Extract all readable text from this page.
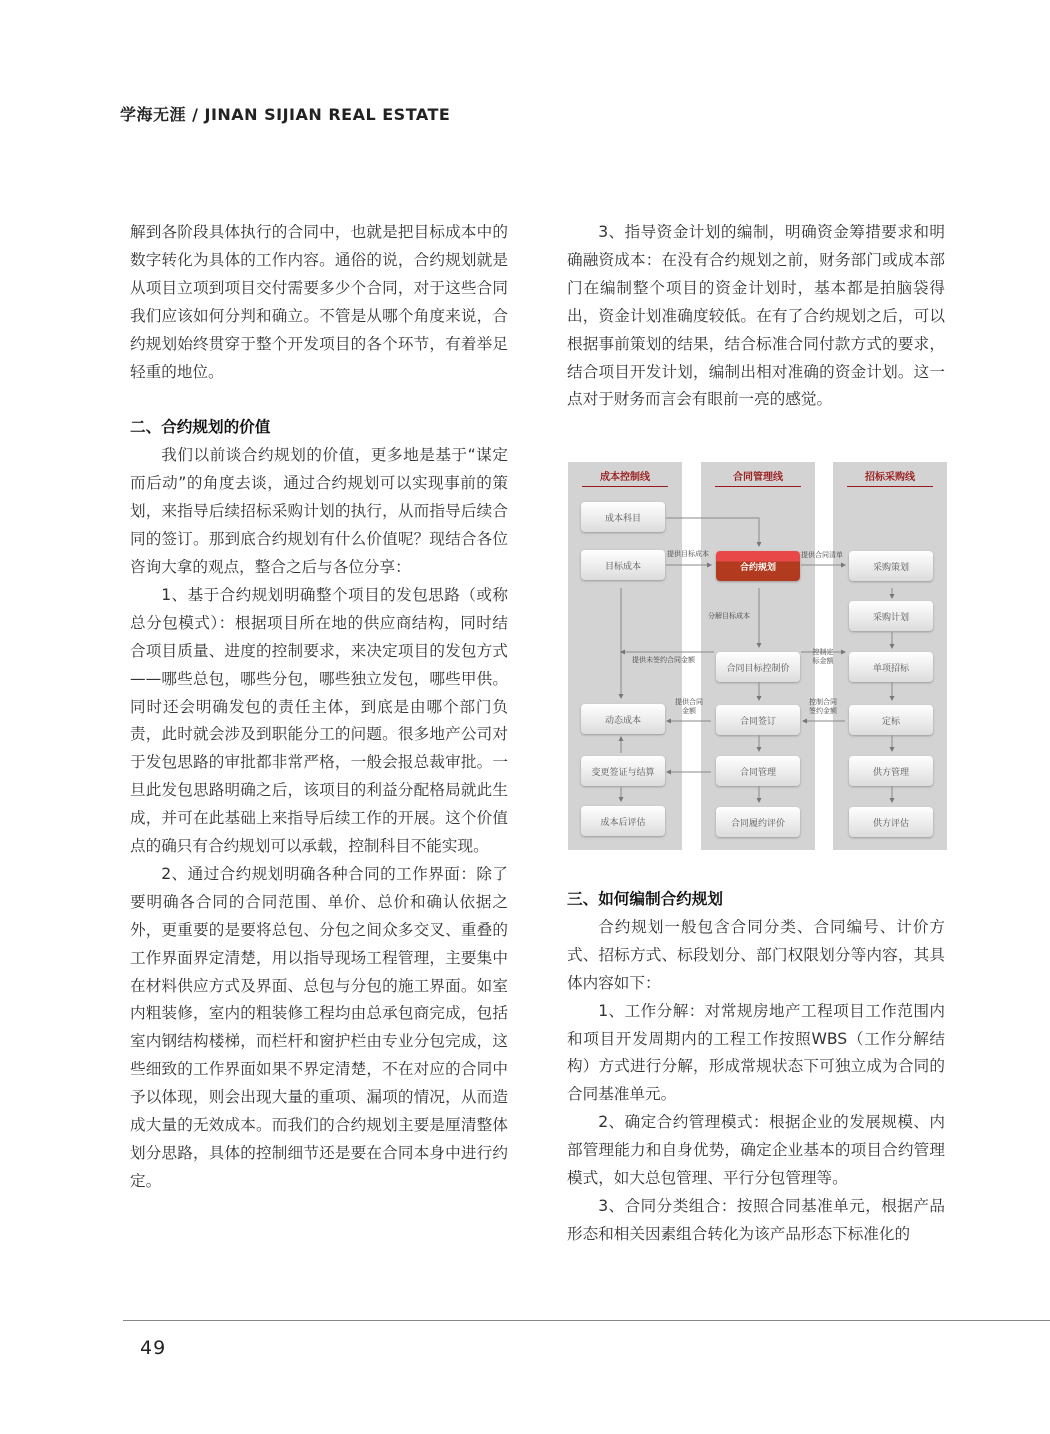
学海无涯 / JINAN SIJIAN REAL ESTATE

解到各阶段具体执行的合同中，也就是把目标成本中的数字转化为具体的工作内容。通俗的说，合约规划就是从项目立项到项目交付需要多少个合同，对于这些合同我们应该如何分判和确立。不管是从哪个角度来说，合约规划始终贯穿于整个开发项目的各个环节，有着举足轻重的地位。

二、合约规划的价值

我们以前谈合约规划的价值，更多地是基于“谋定而后动”的角度去谈，通过合约规划可以实现事前的策划，来指导后续招标采购计划的执行，从而指导后续合同的签订。那到底合约规划有什么价值呢？现结合各位咨询大拿的观点，整合之后与各位分享：

1、基于合约规划明确整个项目的发包思路（或称总分包模式）：根据项目所在地的供应商结构，同时结合项目质量、进度的控制要求，来决定项目的发包方式——哪些总包，哪些分包，哪些独立发包，哪些甲供。同时还会明确发包的责任主体，到底是由哪个部门负责，此时就会涉及到职能分工的问题。很多地产公司对于发包思路的审批都非常严格，一般会报总裁审批。一旦此发包思路明确之后，该项目的利益分配格局就此生成，并可在此基础上来指导后续工作的开展。这个价值点的确只有合约规划可以承载，控制科目不能实现。

2、通过合约规划明确各种合同的工作界面：除了要明确各合同的合同范围、单价、总价和确认依据之外，更重要的是要将总包、分包之间众多交叉、重叠的工作界面界定清楚，用以指导现场工程管理，主要集中在材料供应方式及界面、总包与分包的施工界面。如室内粗装修，室内的粗装修工程均由总承包商完成，包括室内钢结构楼梯，而栏杆和窗护栏由专业分包完成，这些细致的工作界面如果不界定清楚，不在对应的合同中予以体现，则会出现大量的重项、漏项的情况，从而造成大量的无效成本。而我们的合约规划主要是厘清整体划分思路，具体的控制细节还是要在合同本身中进行约定。

3、指导资金计划的编制，明确资金筹措要求和明确融资成本：在没有合约规划之前，财务部门或成本部门在编制整个项目的资金计划时，基本都是拍脑袋得出，资金计划准确度较低。在有了合约规划之后，可以根据事前策划的结果，结合标准合同付款方式的要求，结合项目开发计划，编制出相对准确的资金计划。这一点对于财务而言会有眼前一亮的感觉。

成本控制线	合同管理线	招标采购线
成本科目
目标成本
动态成本
变更签证与结算
成本后评估
合约规划
合同目标控制价
合同签订
合同管理
合同履约评价
采购策划
采购计划
单项招标
定标
供方管理
供方评估
提供目标成本	提供合同清单
分解目标成本
提供未签约合同金额
控制定 标金额
提供合同 金额
控制合同 签约金额

三、如何编制合约规划

合约规划一般包含合同分类、合同编号、计价方式、招标方式、标段划分、部门权限划分等内容，其具体内容如下：

1、工作分解：对常规房地产工程项目工作范围内和项目开发周期内的工程工作按照WBS（工作分解结构）方式进行分解，形成常规状态下可独立成为合同的合同基准单元。

2、确定合约管理模式：根据企业的发展规模、内部管理能力和自身优势，确定企业基本的项目合约管理模式，如大总包管理、平行分包管理等。

3、合同分类组合：按照合同基准单元，根据产品形态和相关因素组合转化为该产品形态下标准化的

49
